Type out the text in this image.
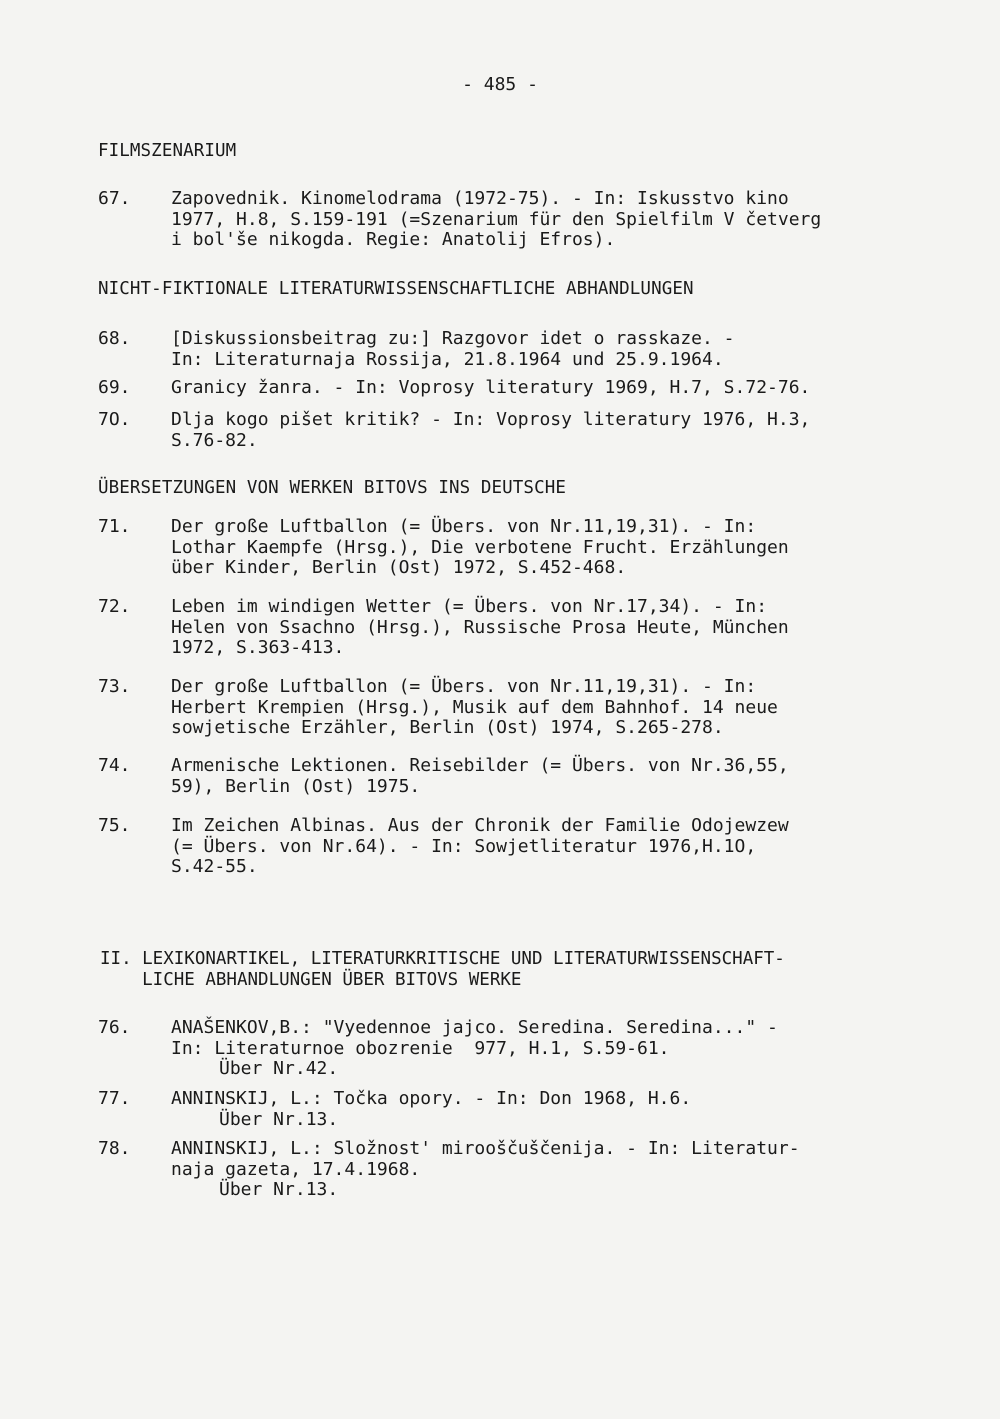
- 485 -
FILMSZENARIUM
67. Zapovednik. Kinomelodrama (1972-75). - In: Iskusstvo kino
1977, H.8, S.159-191 (=Szenarium für den Spielfilm V četverg
i bol'še nikogda. Regie: Anatolij Efros).
NICHT-FIKTIONALE LITERATURWISSENSCHAFTLICHE ABHANDLUNGEN
68. [Diskussionsbeitrag zu:] Razgovor idet o rasskaze. -
In: Literaturnaja Rossija, 21.8.1964 und 25.9.1964.
69. Granicy žanra. - In: Voprosy literatury 1969, H.7, S.72-76.
7O. Dlja kogo pišet kritik? - In: Voprosy literatury 1976, H.3,
S.76-82.
ÜBERSETZUNGEN VON WERKEN BITOVS INS DEUTSCHE
71. Der große Luftballon (= Übers. von Nr.11,19,31). - In:
Lothar Kaempfe (Hrsg.), Die verbotene Frucht. Erzählungen
über Kinder, Berlin (Ost) 1972, S.452-468.
72. Leben im windigen Wetter (= Übers. von Nr.17,34). - In:
Helen von Ssachno (Hrsg.), Russische Prosa Heute, München
1972, S.363-413.
73. Der große Luftballon (= Übers. von Nr.11,19,31). - In:
Herbert Krempien (Hrsg.), Musik auf dem Bahnhof. 14 neue
sowjetische Erzähler, Berlin (Ost) 1974, S.265-278.
74. Armenische Lektionen. Reisebilder (= Übers. von Nr.36,55,
59), Berlin (Ost) 1975.
75. Im Zeichen Albinas. Aus der Chronik der Familie Odojewzew
(= Übers. von Nr.64). - In: Sowjetliteratur 1976,H.1O,
S.42-55.
II. LEXIKONARTIKEL, LITERATURKRITISCHE UND LITERATURWISSENSCHAFT-
LICHE ABHANDLUNGEN ÜBER BITOVS WERKE
76. ANAŠENKOV,B.: "Vyedennoe jajco. Seredina. Seredina..." -
In: Literaturnoe obozrenie  977, H.1, S.59-61.
Über Nr.42.
77. ANNINSKIJ, L.: Točka opory. - In: Don 1968, H.6.
Über Nr.13.
78. ANNINSKIJ, L.: Složnost' mirooščuščenija. - In: Literatur-
naja gazeta, 17.4.1968.
Über Nr.13.
